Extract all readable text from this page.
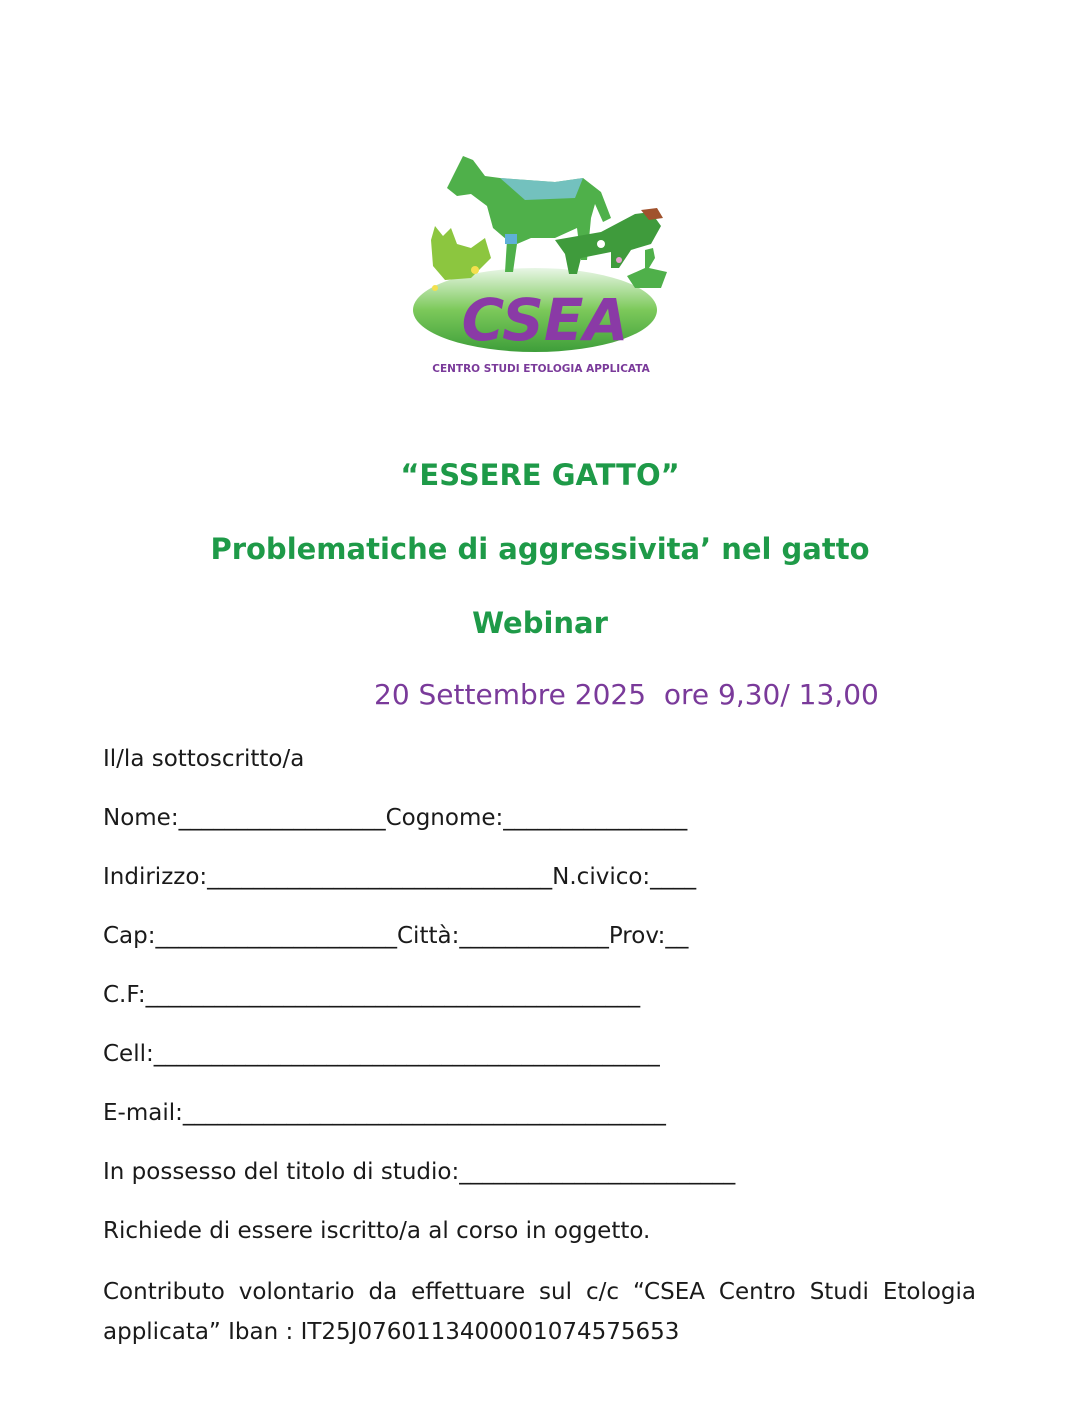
CSEA
CENTRO STUDI ETOLOGIA APPLICATA
“ESSERE GATTO”
Problematiche di aggressivita’ nel gatto
Webinar
20 Settembre 2025  ore 9,30/ 13,00
Il/la sottoscritto/a
Nome:__________________Cognome:________________
Indirizzo:______________________________N.civico:____
Cap:_____________________Città:_____________Prov:__
C.F:___________________________________________
Cell:____________________________________________
E-mail:__________________________________________
In possesso del titolo di studio:________________________
Richiede di essere iscritto/a al corso in oggetto.
Contributo volontario da effettuare sul c/c “CSEA Centro Studi Etologia applicata” Iban : IT25J0760113400001074575653
